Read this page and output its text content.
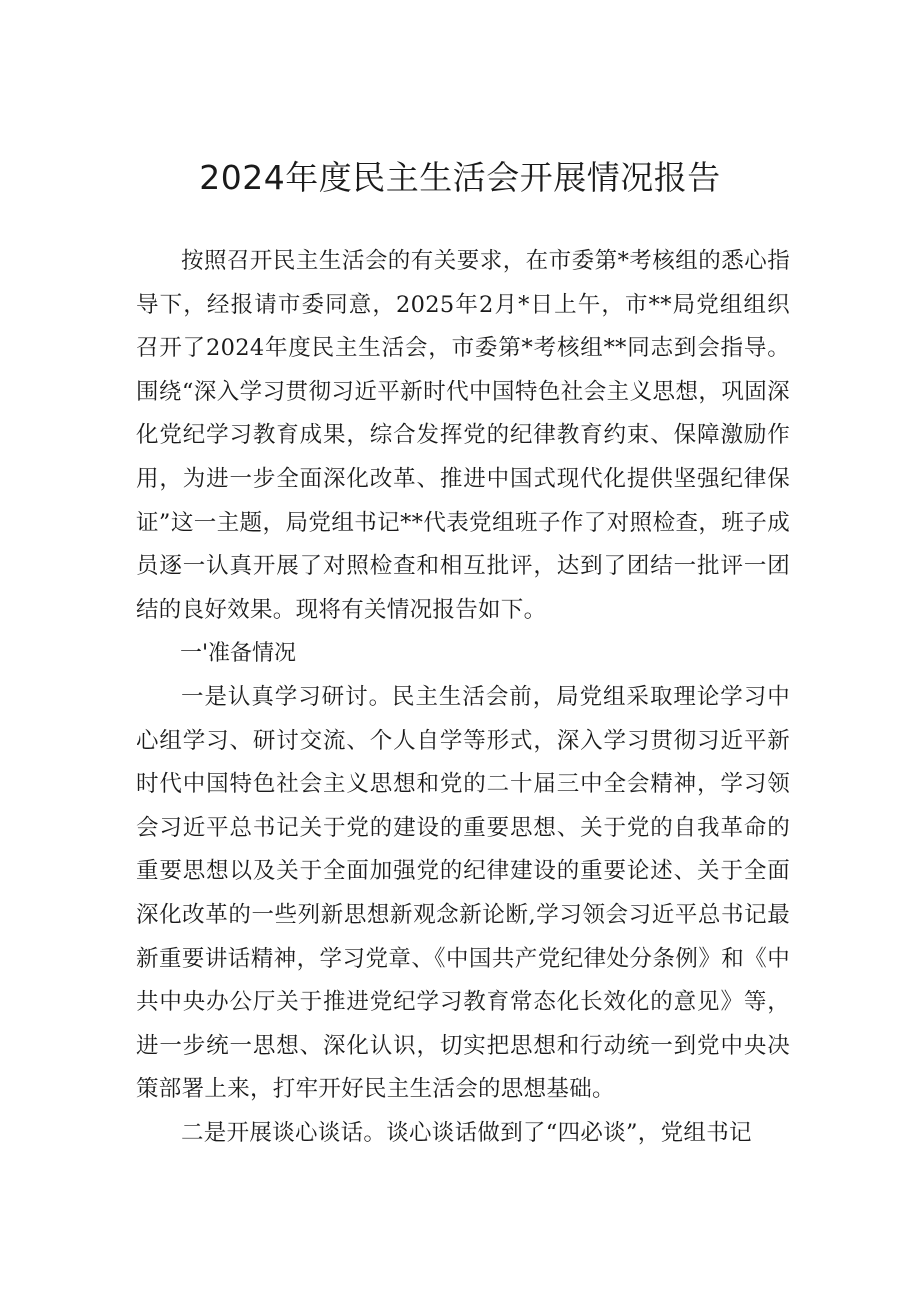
2024年度民主生活会开展情况报告

按照召开民主生活会的有关要求，在市委第*考核组的悉心指导下，经报请市委同意，2025年2月*日上午，市**局党组组织召开了2024年度民主生活会，市委第*考核组**同志到会指导。围绕“深入学习贯彻习近平新时代中国特色社会主义思想，巩固深化党纪学习教育成果，综合发挥党的纪律教育约束、保障激励作用，为进一步全面深化改革、推进中国式现代化提供坚强纪律保证”这一主题，局党组书记**代表党组班子作了对照检查，班子成员逐一认真开展了对照检查和相互批评，达到了团结一批评一团结的良好效果。现将有关情况报告如下。

一'准备情况

一是认真学习研讨。民主生活会前，局党组采取理论学习中心组学习、研讨交流、个人自学等形式，深入学习贯彻习近平新时代中国特色社会主义思想和党的二十届三中全会精神，学习领会习近平总书记关于党的建设的重要思想、关于党的自我革命的重要思想以及关于全面加强党的纪律建设的重要论述、关于全面深化改革的一些列新思想新观念新论断,学习领会习近平总书记最新重要讲话精神，学习党章、《中国共产党纪律处分条例》和《中共中央办公厅关于推进党纪学习教育常态化长效化的意见》等，进一步统一思想、深化认识，切实把思想和行动统一到党中央决策部署上来，打牢开好民主生活会的思想基础。

二是开展谈心谈话。谈心谈话做到了“四必谈”，党组书记
